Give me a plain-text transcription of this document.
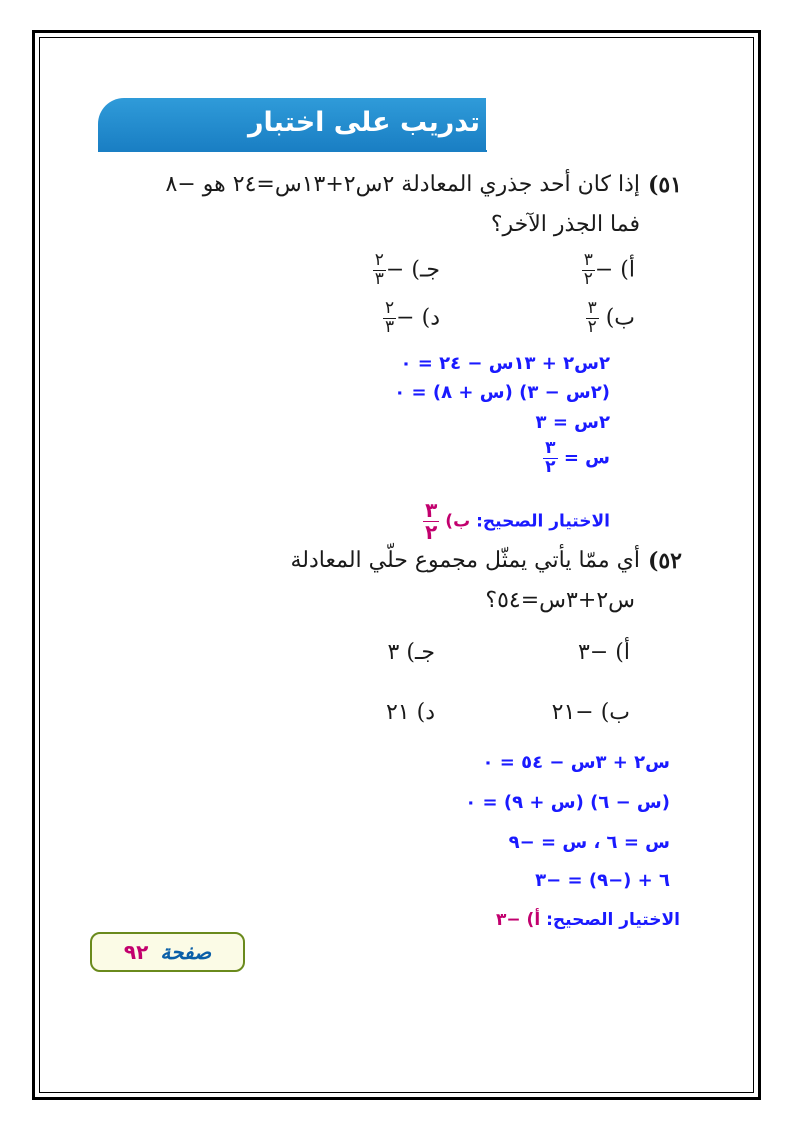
تدريب على اختبار
٥١)
إذا كان أحد جذري المعادلة ٢س٢+١٣س=٢٤ هو −٨
فما الجذر الآخر؟
أ) −
$\frac{٣}{٢}$
جـ) −
$\frac{٢}{٣}$
ب)
$\frac{٣}{٢}$
د) −
$\frac{٢}{٣}$
٢س٢ + ١٣س − ٢٤ = ٠
(٢س − ٣) (س + ٨) = ٠
٢س = ٣
س =
$\frac{٣}{٢}$
الاختيار الصحيح: ب)
$\frac{٣}{٢}$
٥٢)
أي ممّا يأتي يمثّل مجموع حلّي المعادلة
س٢+٣س=٥٤؟
أ) −٣
جـ) ٣
ب) −٢١
د) ٢١
س٢ + ٣س − ٥٤ = ٠
(س − ٦) (س + ٩) = ٠
س = ٦ ، س = −٩
٦ + (−٩) = −٣
الاختيار الصحيح: أ) −٣
صفحة
٩٢
